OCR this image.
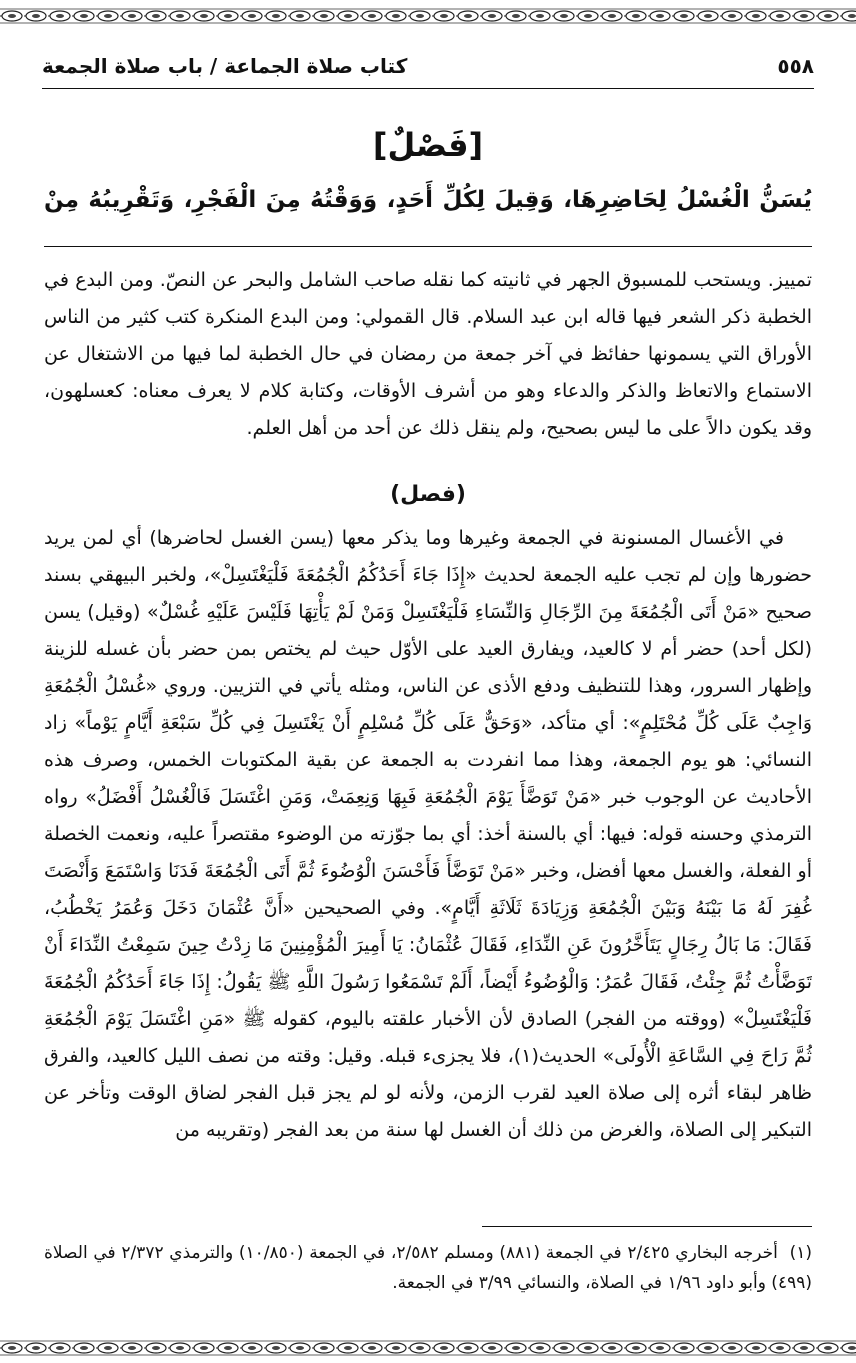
٥٥٨
كتاب صلاة الجماعة / باب صلاة الجمعة
[فَصْلٌ]
يُسَنُّ الْغُسْلُ لِحَاضِرِهَا، وَقِيلَ لِكُلِّ أَحَدٍ، وَوَقْتُهُ مِنَ الْفَجْرِ، وَتَقْرِيبُهُ مِنْ
تمييز. ويستحب للمسبوق الجهر في ثانيته كما نقله صاحب الشامل والبحر عن النصّ. ومن البدع في الخطبة ذكر الشعر فيها قاله ابن عبد السلام. قال القمولي: ومن البدع المنكرة كتب كثير من الناس الأوراق التي يسمونها حفائظ في آخر جمعة من رمضان في حال الخطبة لما فيها من الاشتغال عن الاستماع والاتعاظ والذكر والدعاء وهو من أشرف الأوقات، وكتابة كلام لا يعرف معناه: كعسلهون، وقد يكون دالاً على ما ليس بصحيح، ولم ينقل ذلك عن أحد من أهل العلم.
(فصل)
في الأغسال المسنونة في الجمعة وغيرها وما يذكر معها (يسن الغسل لحاضرها) أي لمن يريد حضورها وإن لم تجب عليه الجمعة لحديث «إِذَا جَاءَ أَحَدُكُمُ الْجُمُعَةَ فَلْيَغْتَسِلْ»، ولخبر البيهقي بسند صحيح «مَنْ أَتَى الْجُمُعَةَ مِنَ الرِّجَالِ وَالنِّسَاءِ فَلْيَغْتَسِلْ وَمَنْ لَمْ يَأْتِهَا فَلَيْسَ عَلَيْهِ غُسْلٌ» (وقيل) يسن (لكل أحد) حضر أم لا كالعيد، ويفارق العيد على الأوّل حيث لم يختص بمن حضر بأن غسله للزينة وإظهار السرور، وهذا للتنظيف ودفع الأذى عن الناس، ومثله يأتي في التزيين. وروي «غُسْلُ الْجُمُعَةِ وَاجِبٌ عَلَى كُلِّ مُحْتَلِمٍ»: أي متأكد، «وَحَقٌّ عَلَى كُلِّ مُسْلِمٍ أَنْ يَغْتَسِلَ فِي كُلِّ سَبْعَةِ أَيَّامٍ يَوْماً» زاد النسائي: هو يوم الجمعة، وهذا مما انفردت به الجمعة عن بقية المكتوبات الخمس، وصرف هذه الأحاديث عن الوجوب خبر «مَنْ تَوَضَّأَ يَوْمَ الْجُمُعَةِ فَبِهَا وَنِعِمَتْ، وَمَنِ اغْتَسَلَ فَالْغُسْلُ أَفْضَلُ» رواه الترمذي وحسنه قوله: فيها: أي بالسنة أخذ: أي بما جوّزته من الوضوء مقتصراً عليه، ونعمت الخصلة أو الفعلة، والغسل معها أفضل، وخبر «مَنْ تَوَضَّأَ فَأَحْسَنَ الْوُضُوءَ ثُمَّ أَتَى الْجُمُعَةَ فَدَنَا وَاسْتَمَعَ وَأَنْصَتَ غُفِرَ لَهُ مَا بَيْنَهُ وَبَيْنَ الْجُمُعَةِ وَزِيَادَةَ ثَلَاثَةِ أَيَّامٍ». وفي الصحيحين «أَنَّ عُثْمَانَ دَخَلَ وَعُمَرُ يَخْطُبُ، فَقَالَ: مَا بَالُ رِجَالٍ يَتَأَخَّرُونَ عَنِ النِّدَاءِ، فَقَالَ عُثْمَانُ: يَا أَمِيرَ الْمُؤْمِنِينَ مَا زِدْتُ حِينَ سَمِعْتُ النِّدَاءَ أَنْ تَوَضَّأْتُ ثُمَّ جِئْتُ، فَقَالَ عُمَرُ: وَالْوُضُوءُ أَيْضاً، أَلَمْ تَسْمَعُوا رَسُولَ اللَّهِ ﷺ يَقُولُ: إِذَا جَاءَ أَحَدُكُمُ الْجُمُعَةَ فَلْيَغْتَسِلْ» (ووقته من الفجر) الصادق لأن الأخبار علقته باليوم، كقوله ﷺ «مَنِ اغْتَسَلَ يَوْمَ الْجُمُعَةِ ثُمَّ رَاحَ فِي السَّاعَةِ الْأُولَى» الحديث(١)، فلا يجزىء قبله. وقيل: وقته من نصف الليل كالعيد، والفرق ظاهر لبقاء أثره إلى صلاة العيد لقرب الزمن، ولأنه لو لم يجز قبل الفجر لضاق الوقت وتأخر عن التبكير إلى الصلاة، والغرض من ذلك أن الغسل لها سنة من بعد الفجر (وتقريبه من
(١) أخرجه البخاري ٢/٤٢٥ في الجمعة (٨٨١) ومسلم ٢/٥٨٢، في الجمعة (١٠/٨٥٠) والترمذي ٢/٣٧٢ في الصلاة (٤٩٩) وأبو داود ١/٩٦ في الصلاة، والنسائي ٣/٩٩ في الجمعة.
